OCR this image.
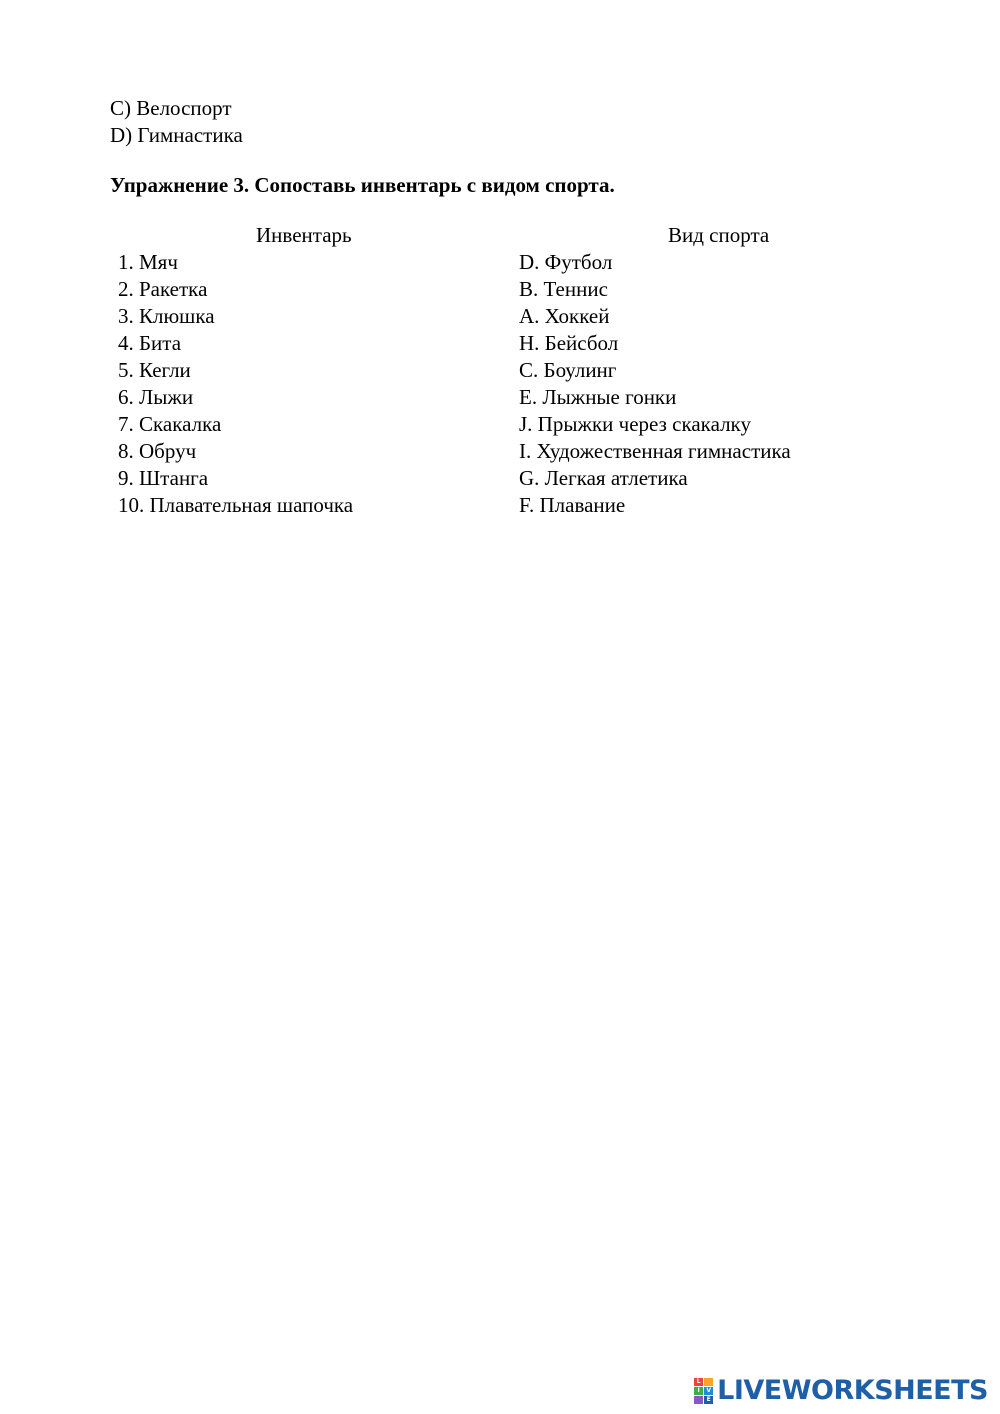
C) Велоспорт
D) Гимнастика
Упражнение 3. Сопоставь инвентарь с видом спорта.
Инвентарь	Вид спорта
1. Мяч
2. Ракетка
3. Клюшка
4. Бита
5. Кегли
6. Лыжи
7. Скакалка
8. Обруч
9. Штанга
10. Плавательная шапочка
D. Футбол
B. Теннис
A. Хоккей
H. Бейсбол
C. Боулинг
E. Лыжные гонки
J. Прыжки через скакалку
I. Художественная гимнастика
G. Легкая атлетика
F. Плавание
L
I	V
E LIVEWORKSHEETS
